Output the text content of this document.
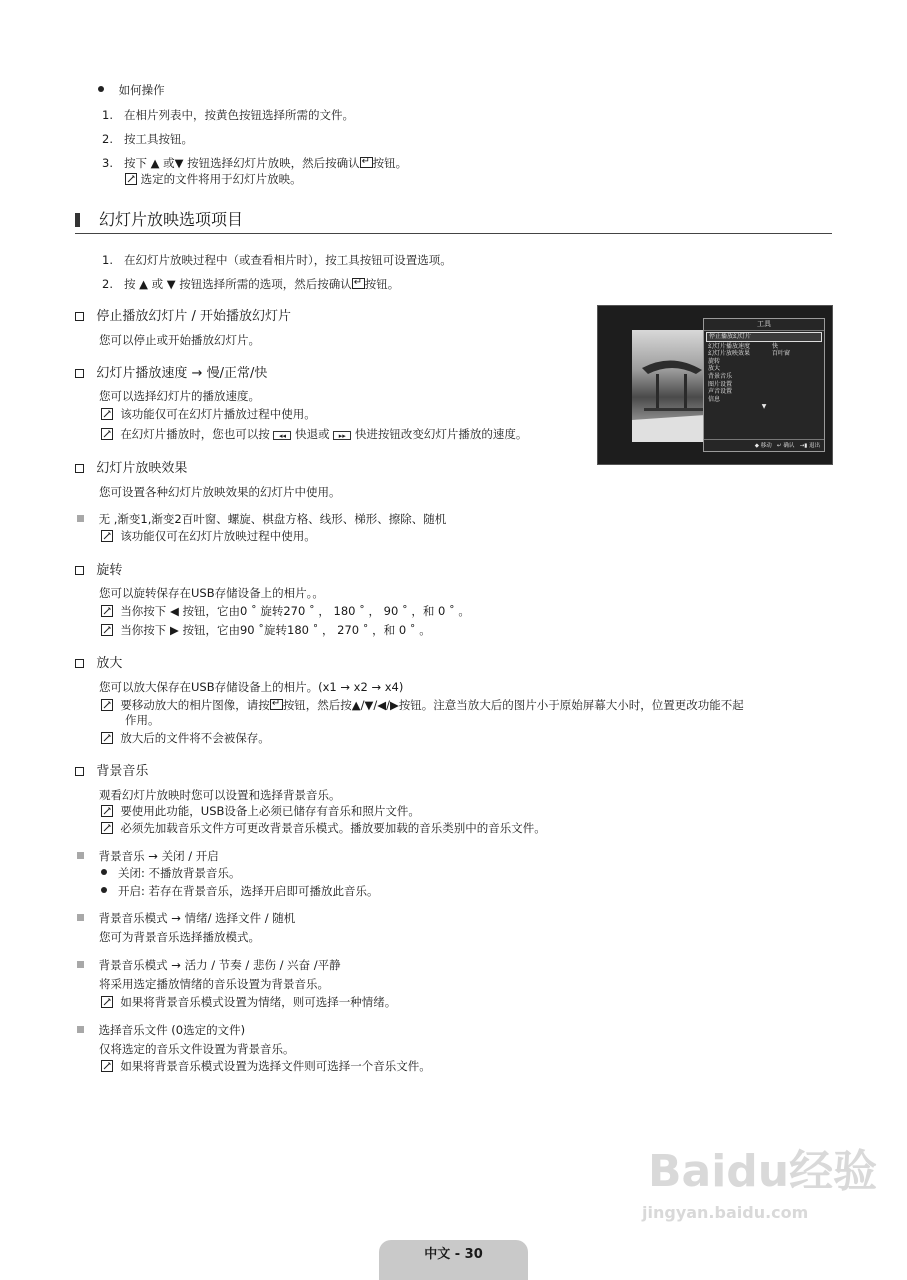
如何操作
1.   在相片列表中，按黄色按钮选择所需的文件。
2.   按工具按钮。
3.   按下 ▲ 或▼ 按钮选择幻灯片放映，然后按确认 ↵ 按钮。
选定的文件将用于幻灯片放映。
幻灯片放映选项项目
1.   在幻灯片放映过程中（或查看相片时），按工具按钮可设置选项。
2.   按 ▲ 或 ▼ 按钮选择所需的选项，然后按确认 ↵ 按钮。
停止播放幻灯片 / 开始播放幻灯片
您可以停止或开始播放幻灯片。
幻灯片播放速度 → 慢/正常/快
您可以选择幻灯片的播放速度。
该功能仅可在幻灯片播放过程中使用。
在幻灯片播放时，您也可以按 ◂◂ 快退或 ▸▸ 快进按钮改变幻灯片播放的速度。
工具
停止播放幻灯片
幻灯片播放速度	快
幻灯片放映效果	百叶窗
旋转
放大
背景音乐
图片设置
声音设置
信息
▼
◆ 移动 ↵ 确认 →▮ 退出
幻灯片放映效果
您可设置各种幻灯片放映效果的幻灯片中使用。
无 ,渐变1,渐变2百叶窗、螺旋、棋盘方格、线形、梯形、擦除、随机
该功能仅可在幻灯片放映过程中使用。
旋转
您可以旋转保存在USB存储设备上的相片。。
当你按下 ◀ 按钮，它由0 ˚ 旋转270 ˚ ， 180 ˚ ， 90 ˚ ，和 0 ˚ 。
当你按下 ▶ 按钮，它由90 ˚旋转180 ˚ ， 270 ˚ ，和 0 ˚ 。
放大
您可以放大保存在USB存储设备上的相片。(x1 → x2 → x4)
要移动放大的相片图像，请按 ↵ 按钮，然后按▲/▼/◀/▶按钮。注意当放大后的图片小于原始屏幕大小时，位置更改功能不起
作用。
放大后的文件将不会被保存。
背景音乐
观看幻灯片放映时您可以设置和选择背景音乐。
要使用此功能，USB设备上必须已储存有音乐和照片文件。
必须先加载音乐文件方可更改背景音乐模式。播放要加载的音乐类别中的音乐文件。
背景音乐 → 关闭 / 开启
关闭: 不播放背景音乐。
开启: 若存在背景音乐，选择开启即可播放此音乐。
背景音乐模式 → 情绪/ 选择文件 / 随机
您可为背景音乐选择播放模式。
背景音乐模式 → 活力 / 节奏 / 悲伤 / 兴奋 /平静
将采用选定播放情绪的音乐设置为背景音乐。
如果将背景音乐模式设置为情绪，则可选择一种情绪。
选择音乐文件 (0选定的文件)
仅将选定的音乐文件设置为背景音乐。
如果将背景音乐模式设置为选择文件则可选择一个音乐文件。
Baidu经验
jingyan.baidu.com
中文 - 30
